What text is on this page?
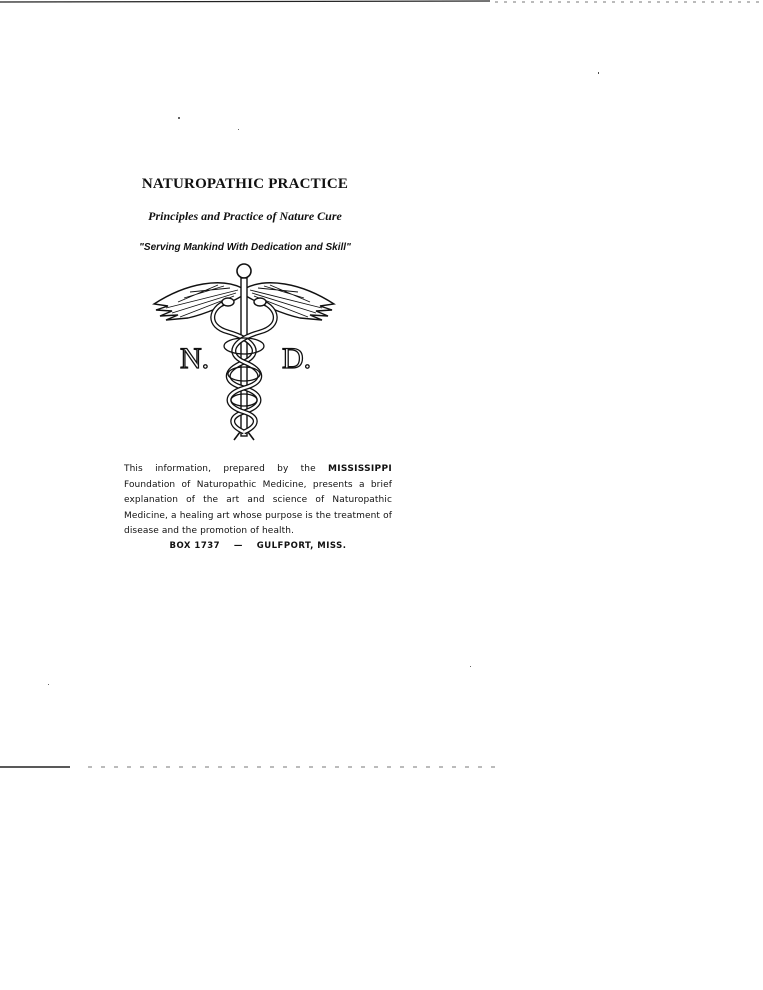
NATUROPATHIC PRACTICE
Principles and Practice of Nature Cure
"Serving Mankind With Dedication and Skill"
N. D.
This information, prepared by the MISSISSIPPI Foundation of Naturopathic Medicine, presents a brief explanation of the art and science of Naturopathic Medicine, a healing art whose purpose is the treatment of disease and the promotion of health.
BOX 1737 — GULFPORT, MISS.
